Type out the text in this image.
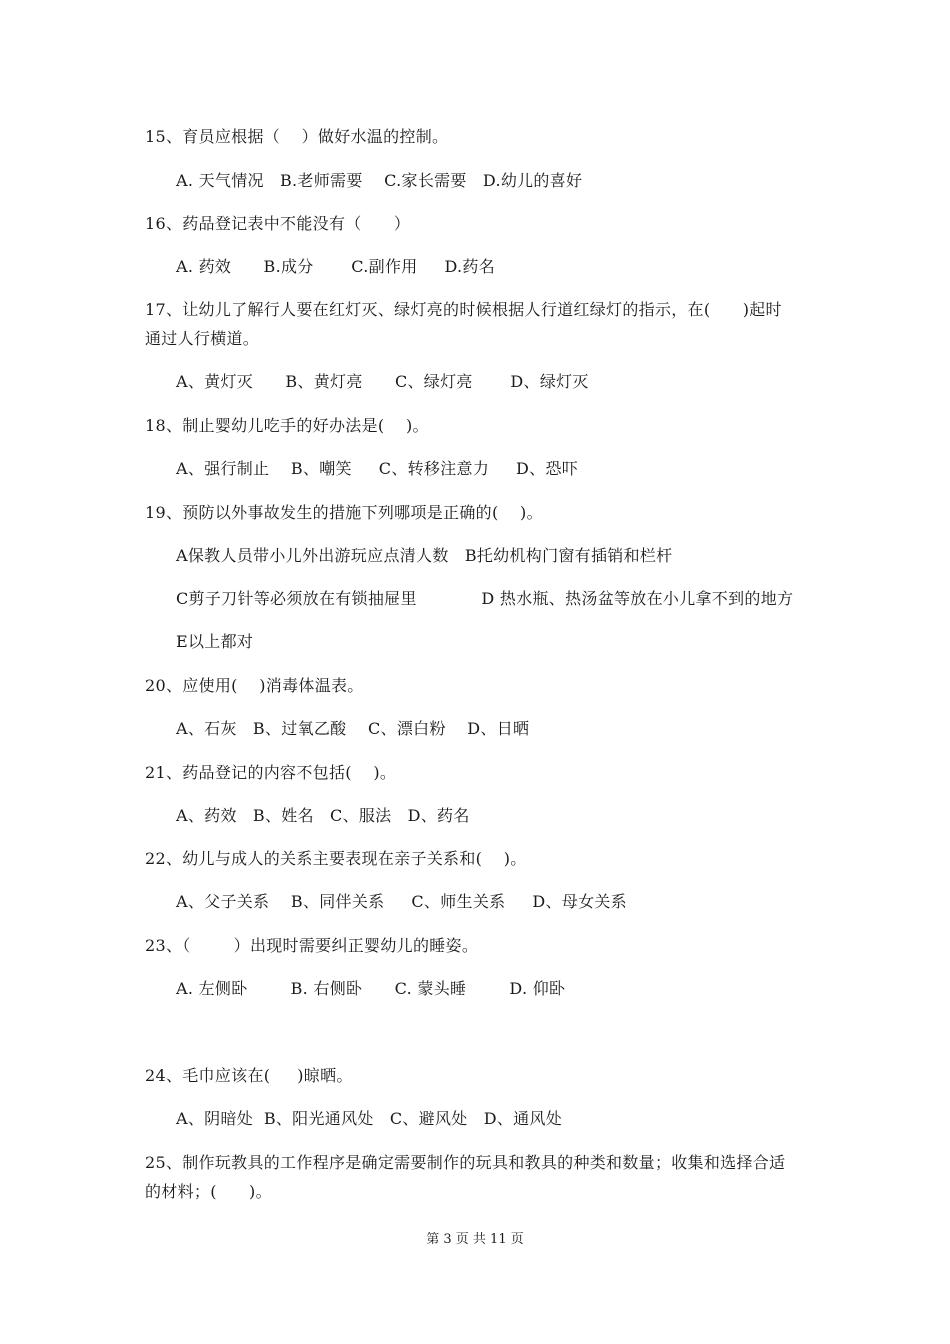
15、育员应根据（    ）做好水温的控制。
A. 天气情况   B.老师需要    C.家长需要   D.幼儿的喜好
16、药品登记表中不能没有（      ）
A. 药效      B.成分       C.副作用     D.药名
17、让幼儿了解行人要在红灯灭、绿灯亮的时候根据人行道红绿灯的指示，在(      )起时
通过人行横道。
A、黄灯灭      B、黄灯亮      C、绿灯亮       D、绿灯灭
18、制止婴幼儿吃手的好办法是(    )。
A、强行制止    B、嘲笑     C、转移注意力     D、恐吓
19、预防以外事故发生的措施下列哪项是正确的(    )。
A保教人员带小儿外出游玩应点清人数   B托幼机构门窗有插销和栏杆
C剪子刀针等必须放在有锁抽屉里            D 热水瓶、热汤盆等放在小儿拿不到的地方
E以上都对
20、应使用(    )消毒体温表。
A、石灰   B、过氧乙酸    C、漂白粉    D、日晒
21、药品登记的内容不包括(    )。
A、药效   B、姓名   C、服法   D、药名
22、幼儿与成人的关系主要表现在亲子关系和(    )。
A、父子关系    B、同伴关系     C、师生关系     D、母女关系
23、（        ）出现时需要纠正婴幼儿的睡姿。
A. 左侧卧        B. 右侧卧      C. 蒙头睡        D. 仰卧
24、毛巾应该在(     )晾晒。
A、阴暗处  B、阳光通风处   C、避风处   D、通风处
25、制作玩教具的工作程序是确定需要制作的玩具和教具的种类和数量；收集和选择合适
的材料；(      )。
第 3 页 共 11 页
